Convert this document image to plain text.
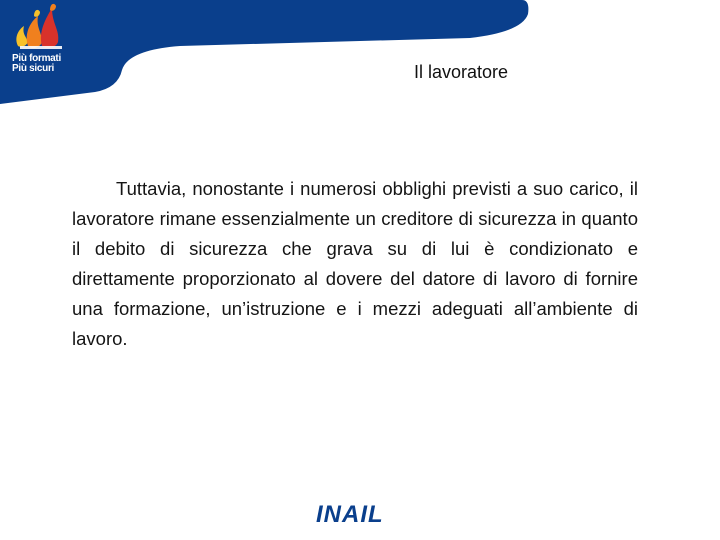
Più formati Più sicuri	Il lavoratore

Tuttavia, nonostante i numerosi obblighi previsti a suo carico, il lavoratore rimane essenzialmente un creditore di sicurezza in quanto il debito di sicurezza che grava su di lui è condizionato e direttamente proporzionato al dovere del datore di lavoro di fornire una formazione, un’istruzione e i mezzi adeguati all’ambiente di lavoro.

INAIL
